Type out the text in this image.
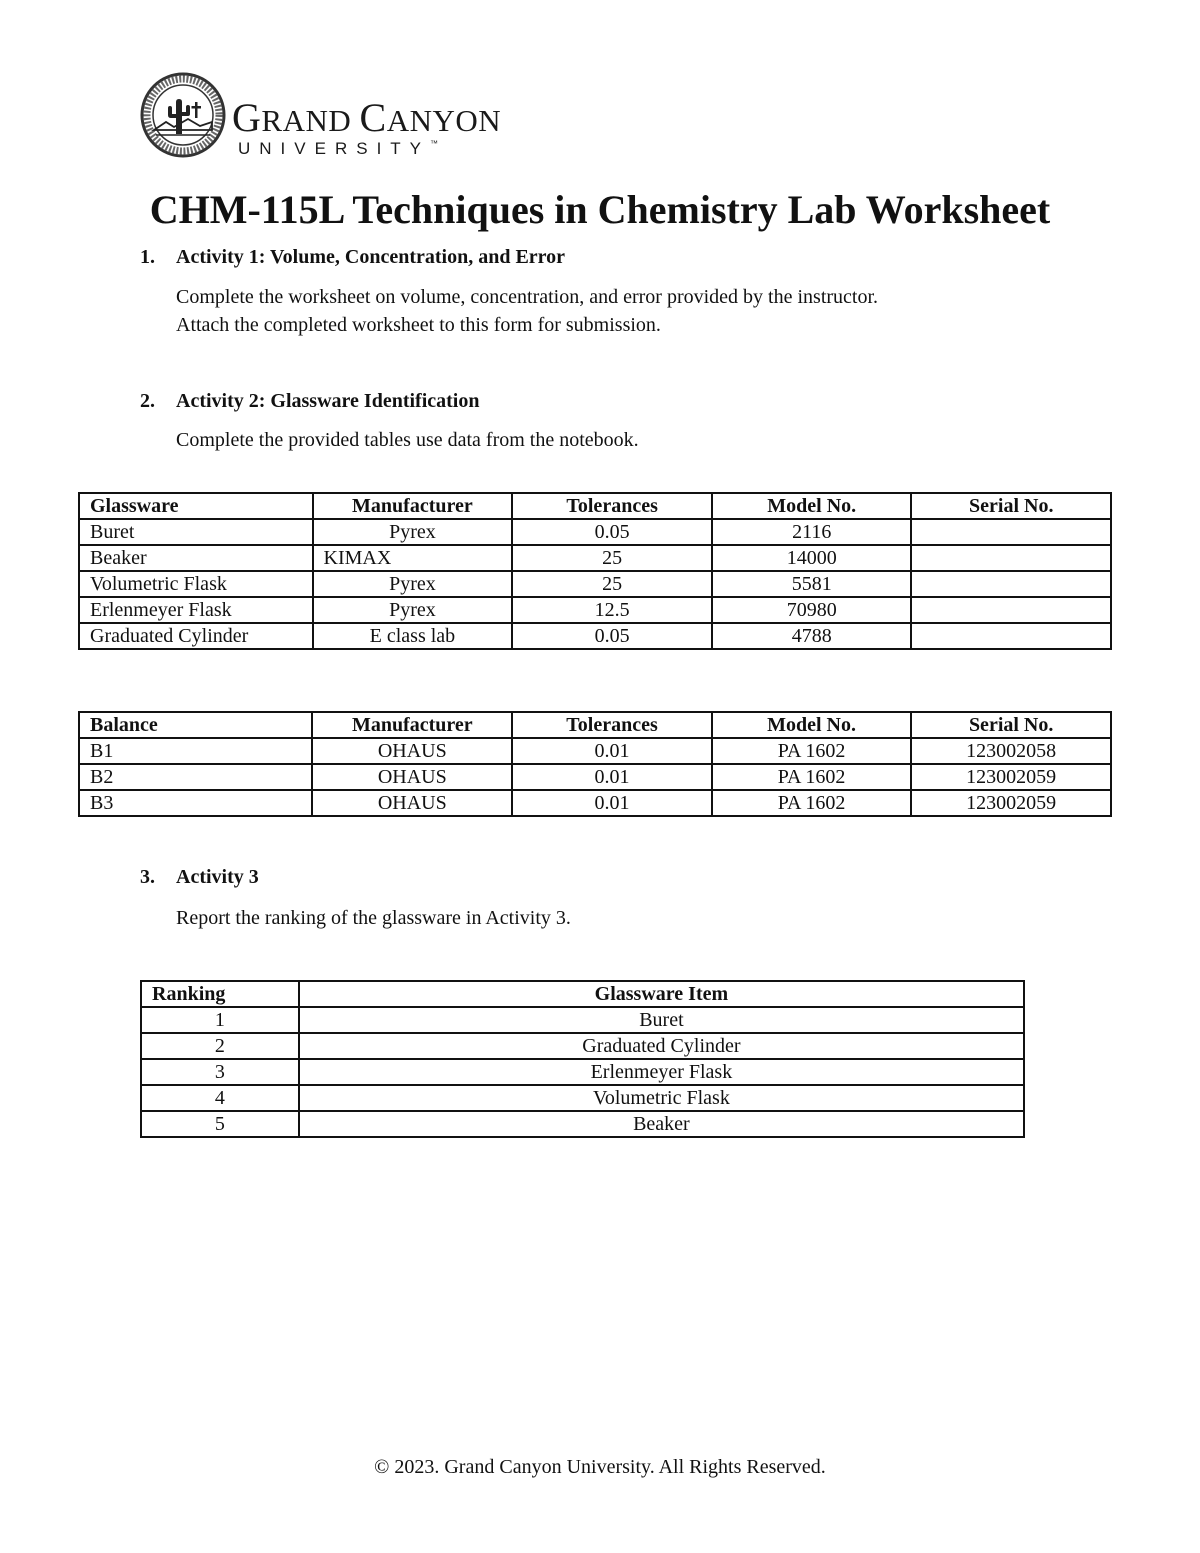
GRAND CANYON
UNIVERSITY™
CHM-115L Techniques in Chemistry Lab Worksheet
1. Activity 1: Volume, Concentration, and Error
Complete the worksheet on volume, concentration, and error provided by the instructor.
Attach the completed worksheet to this form for submission.
2. Activity 2: Glassware Identification
Complete the provided tables use data from the notebook.
Glassware	Manufacturer	Tolerances	Model No.	Serial No.
Buret	Pyrex	0.05	2116	
Beaker	KIMAX	25	14000	
Volumetric Flask	Pyrex	25	5581	
Erlenmeyer Flask	Pyrex	12.5	70980	
Graduated Cylinder	E class lab	0.05	4788	
Balance	Manufacturer	Tolerances	Model No.	Serial No.
B1	OHAUS	0.01	PA 1602	123002058
B2	OHAUS	0.01	PA 1602	123002059
B3	OHAUS	0.01	PA 1602	123002059
3. Activity 3
Report the ranking of the glassware in Activity 3.
Ranking	Glassware Item
1	Buret
2	Graduated Cylinder
3	Erlenmeyer Flask
4	Volumetric Flask
5	Beaker
© 2023. Grand Canyon University. All Rights Reserved.
